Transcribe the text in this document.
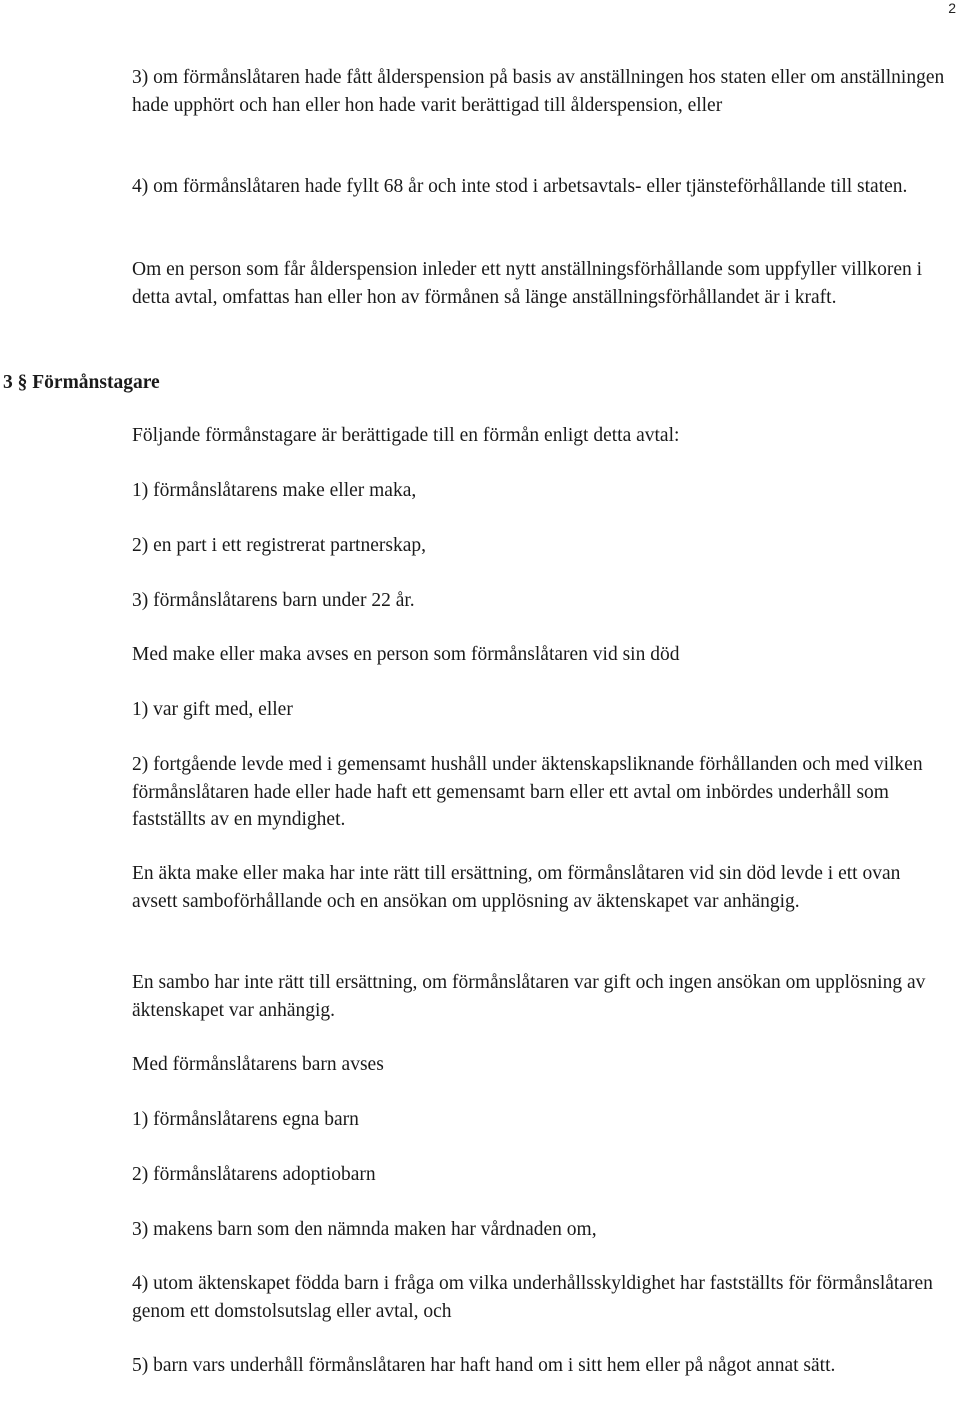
2

3) om förmånslåtaren hade fått ålderspension på basis av anställningen hos staten eller om anställningen hade upphört och han eller hon hade varit berättigad till ålderspension, eller

4) om förmånslåtaren hade fyllt 68 år och inte stod i arbetsavtals- eller tjänsteförhållande till staten.

Om en person som får ålderspension inleder ett nytt anställningsförhållande som uppfyller villkoren i detta avtal, omfattas han eller hon av förmånen så länge anställningsförhållandet är i kraft.

3 § Förmånstagare

Följande förmånstagare är berättigade till en förmån enligt detta avtal:

1) förmånslåtarens make eller maka,

2) en part i ett registrerat partnerskap,

3) förmånslåtarens barn under 22 år.

Med make eller maka avses en person som förmånslåtaren vid sin död

1) var gift med, eller

2) fortgående levde med i gemensamt hushåll under äktenskapsliknande förhållanden och med vilken förmånslåtaren hade eller hade haft ett gemensamt barn eller ett avtal om inbördes underhåll som fastställts av en myndighet.

En äkta make eller maka har inte rätt till ersättning, om förmånslåtaren vid sin död levde i ett ovan avsett samboförhållande och en ansökan om upplösning av äktenskapet var anhängig.

En sambo har inte rätt till ersättning, om förmånslåtaren var gift och ingen ansökan om upplösning av äktenskapet var anhängig.

Med förmånslåtarens barn avses

1) förmånslåtarens egna barn

2) förmånslåtarens adoptiobarn

3) makens barn som den nämnda maken har vårdnaden om,

4) utom äktenskapet födda barn i fråga om vilka underhållsskyldighet har fastställts för förmånslåtaren genom ett domstolsutslag eller avtal, och

5) barn vars underhåll förmånslåtaren har haft hand om i sitt hem eller på något annat sätt.
